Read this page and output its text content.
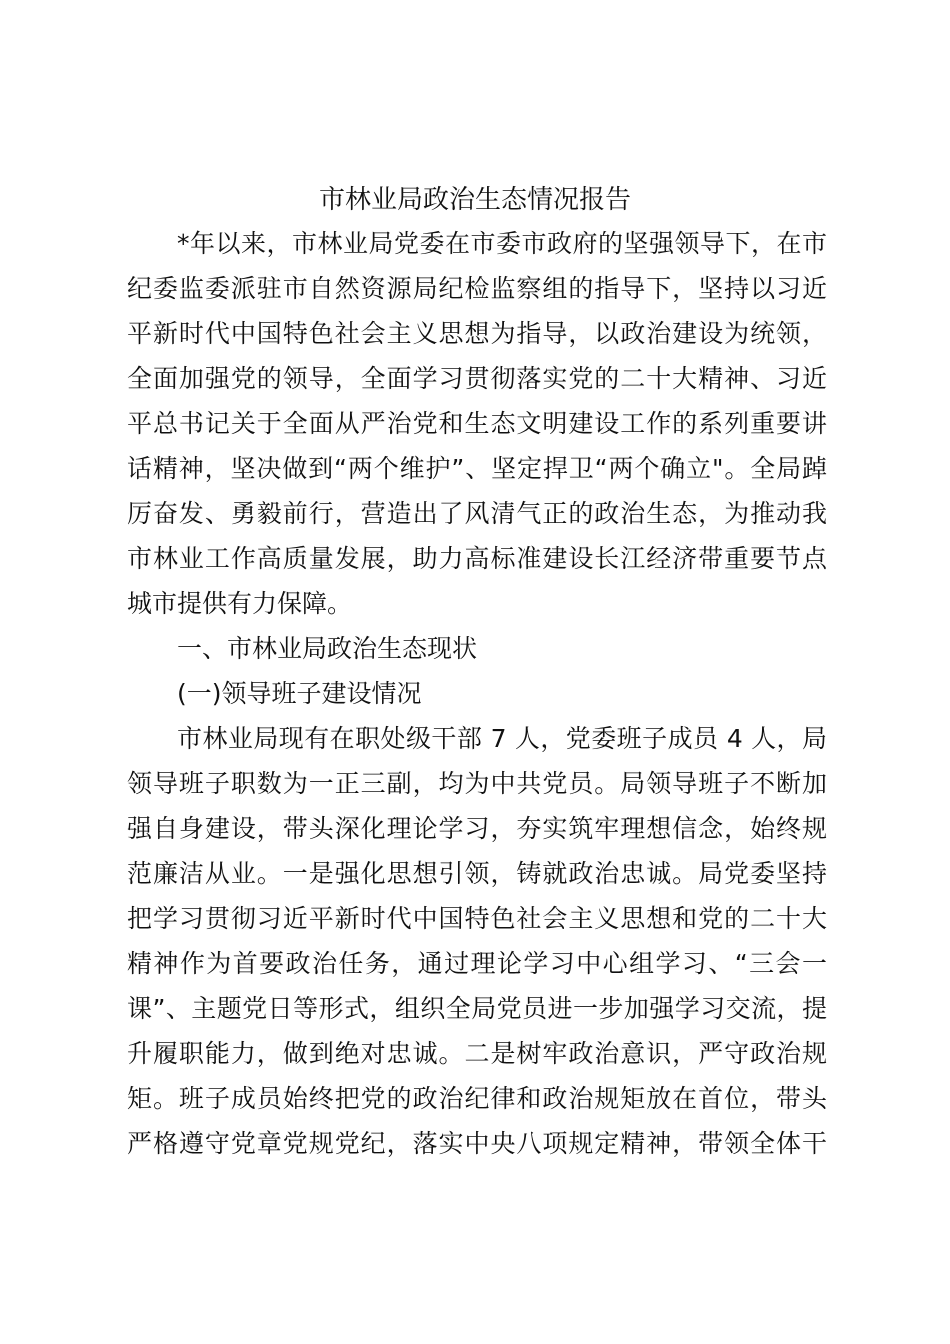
市林业局政治生态情况报告
*年以来，市林业局党委在市委市政府的坚强领导下，在市
纪委监委派驻市自然资源局纪检监察组的指导下，坚持以习近
平新时代中国特色社会主义思想为指导，以政治建设为统领，
全面加强党的领导，全面学习贯彻落实党的二十大精神、习近
平总书记关于全面从严治党和生态文明建设工作的系列重要讲
话精神，坚决做到“两个维护”、坚定捍卫“两个确立"。全局踔
厉奋发、勇毅前行，营造出了风清气正的政治生态，为推动我
市林业工作高质量发展，助力高标准建设长江经济带重要节点
城市提供有力保障。
一、市林业局政治生态现状
(一)领导班子建设情况
市林业局现有在职处级干部 7 人，党委班子成员 4 人，局
领导班子职数为一正三副，均为中共党员。局领导班子不断加
强自身建设，带头深化理论学习，夯实筑牢理想信念，始终规
范廉洁从业。一是强化思想引领，铸就政治忠诚。局党委坚持
把学习贯彻习近平新时代中国特色社会主义思想和党的二十大
精神作为首要政治任务，通过理论学习中心组学习、“三会一
课”、主题党日等形式，组织全局党员进一步加强学习交流，提
升履职能力，做到绝对忠诚。二是树牢政治意识，严守政治规
矩。班子成员始终把党的政治纪律和政治规矩放在首位，带头
严格遵守党章党规党纪，落实中央八项规定精神，带领全体干
